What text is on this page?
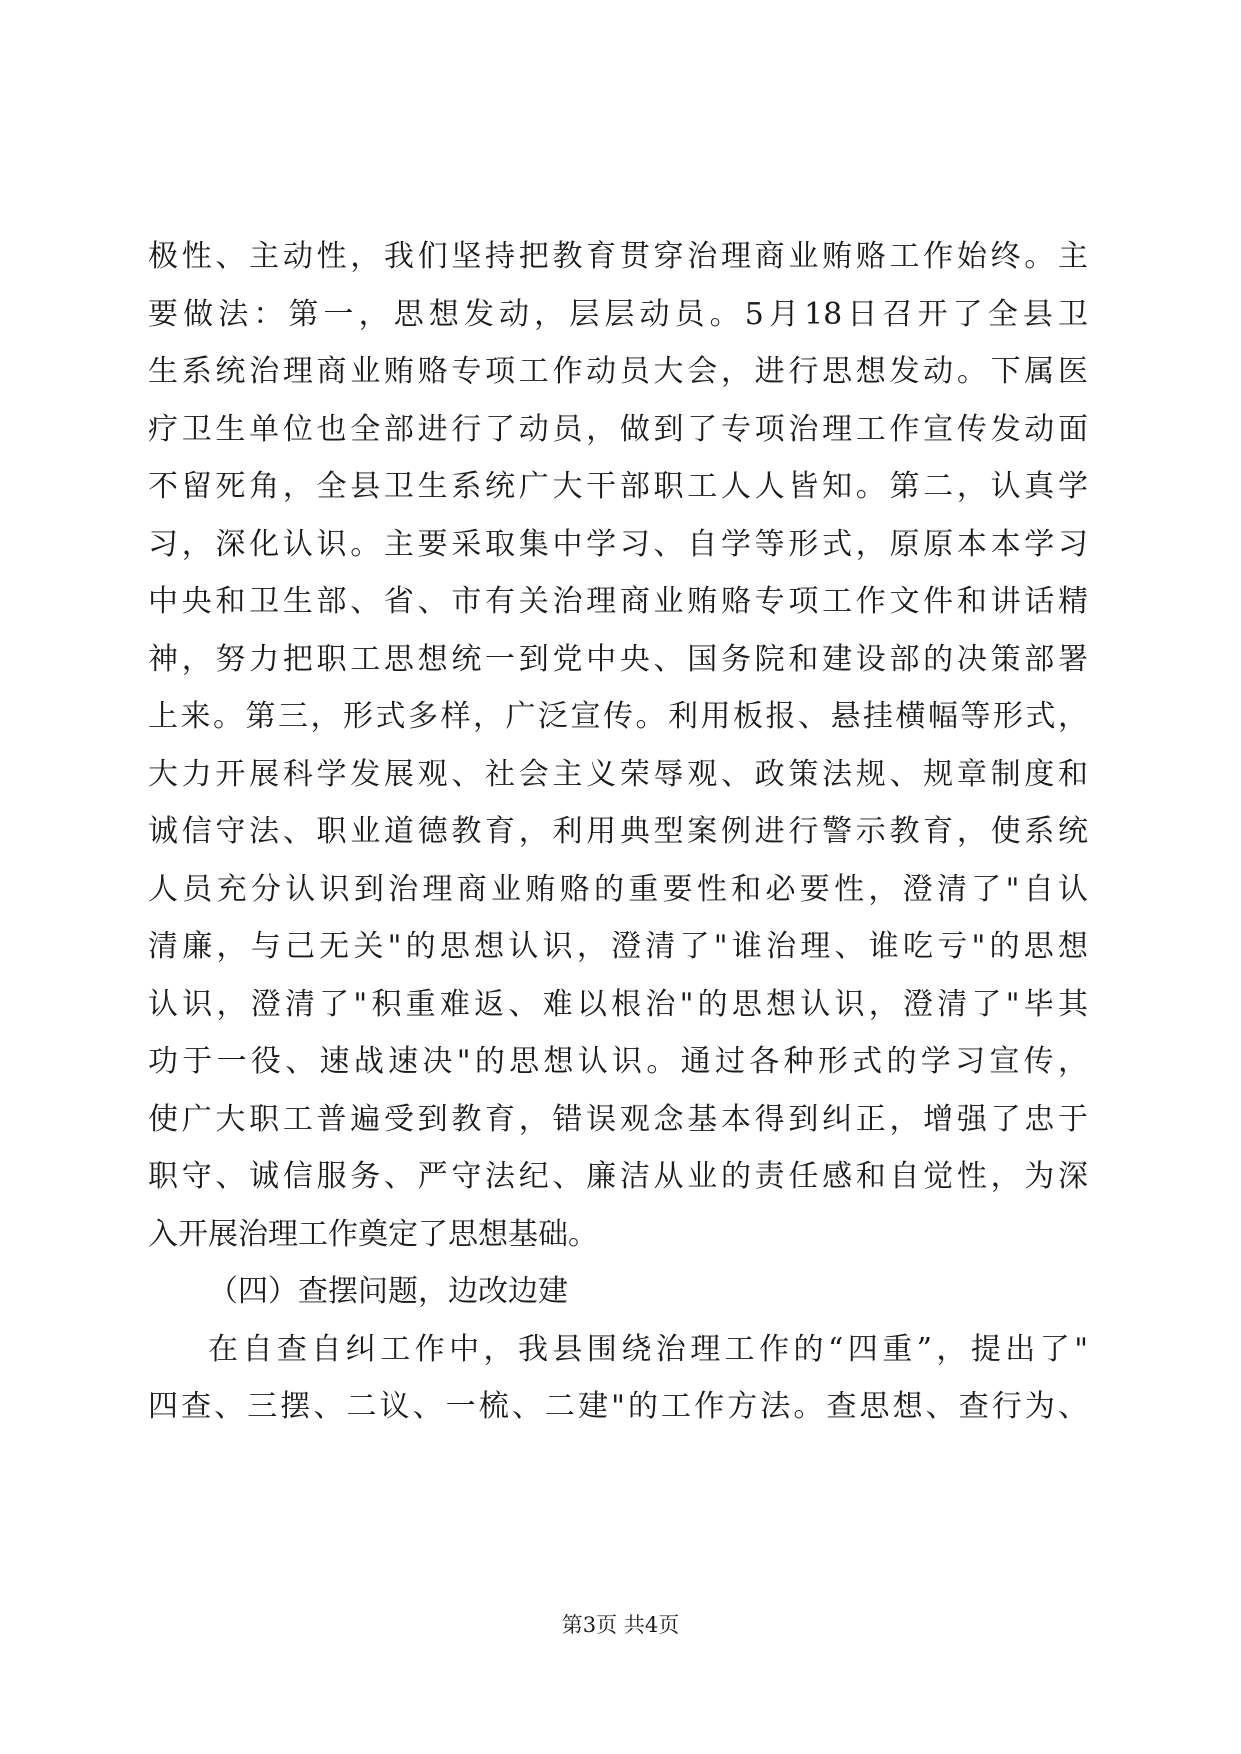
极性、主动性，我们坚持把教育贯穿治理商业贿赂工作始终。主
要做法：第一，思想发动，层层动员。5月18日召开了全县卫
生系统治理商业贿赂专项工作动员大会，进行思想发动。下属医
疗卫生单位也全部进行了动员，做到了专项治理工作宣传发动面
不留死角，全县卫生系统广大干部职工人人皆知。第二，认真学
习，深化认识。主要采取集中学习、自学等形式，原原本本学习
中央和卫生部、省、市有关治理商业贿赂专项工作文件和讲话精
神，努力把职工思想统一到党中央、国务院和建设部的决策部署
上来。第三，形式多样，广泛宣传。利用板报、悬挂横幅等形式，
大力开展科学发展观、社会主义荣辱观、政策法规、规章制度和
诚信守法、职业道德教育，利用典型案例进行警示教育，使系统
人员充分认识到治理商业贿赂的重要性和必要性，澄清了"自认
清廉，与己无关"的思想认识，澄清了"谁治理、谁吃亏"的思想
认识，澄清了"积重难返、难以根治"的思想认识，澄清了"毕其
功于一役、速战速决"的思想认识。通过各种形式的学习宣传，
使广大职工普遍受到教育，错误观念基本得到纠正，增强了忠于
职守、诚信服务、严守法纪、廉洁从业的责任感和自觉性，为深
入开展治理工作奠定了思想基础。
（四）查摆问题，边改边建
在自查自纠工作中，我县围绕治理工作的“四重”，提出了"
四查、三摆、二议、一梳、二建"的工作方法。查思想、查行为、
第3页 共4页
